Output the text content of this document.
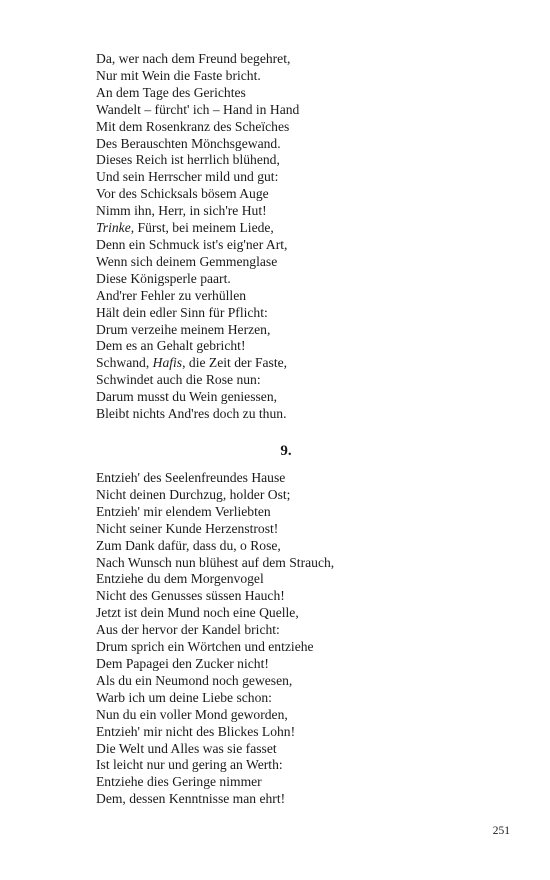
Da, wer nach dem Freund begehret,
Nur mit Wein die Faste bricht.
An dem Tage des Gerichtes
Wandelt – fürcht' ich – Hand in Hand
Mit dem Rosenkranz des Scheïches
Des Berauschten Mönchsgewand.
Dieses Reich ist herrlich blühend,
Und sein Herrscher mild und gut:
Vor des Schicksals bösem Auge
Nimm ihn, Herr, in sich're Hut!
Trinke, Fürst, bei meinem Liede,
Denn ein Schmuck ist's eig'ner Art,
Wenn sich deinem Gemmenglase
Diese Königsperle paart.
And'rer Fehler zu verhüllen
Hält dein edler Sinn für Pflicht:
Drum verzeihe meinem Herzen,
Dem es an Gehalt gebricht!
Schwand, Hafis, die Zeit der Faste,
Schwindet auch die Rose nun:
Darum musst du Wein geniessen,
Bleibt nichts And'res doch zu thun.
9.
Entzieh' des Seelenfreundes Hause
Nicht deinen Durchzug, holder Ost;
Entzieh' mir elendem Verliebten
Nicht seiner Kunde Herzenstrost!
Zum Dank dafür, dass du, o Rose,
Nach Wunsch nun blühest auf dem Strauch,
Entziehe du dem Morgenvogel
Nicht des Genusses süssen Hauch!
Jetzt ist dein Mund noch eine Quelle,
Aus der hervor der Kandel bricht:
Drum sprich ein Wörtchen und entziehe
Dem Papagei den Zucker nicht!
Als du ein Neumond noch gewesen,
Warb ich um deine Liebe schon:
Nun du ein voller Mond geworden,
Entzieh' mir nicht des Blickes Lohn!
Die Welt und Alles was sie fasset
Ist leicht nur und gering an Werth:
Entziehe dies Geringe nimmer
Dem, dessen Kenntnisse man ehrt!
251
